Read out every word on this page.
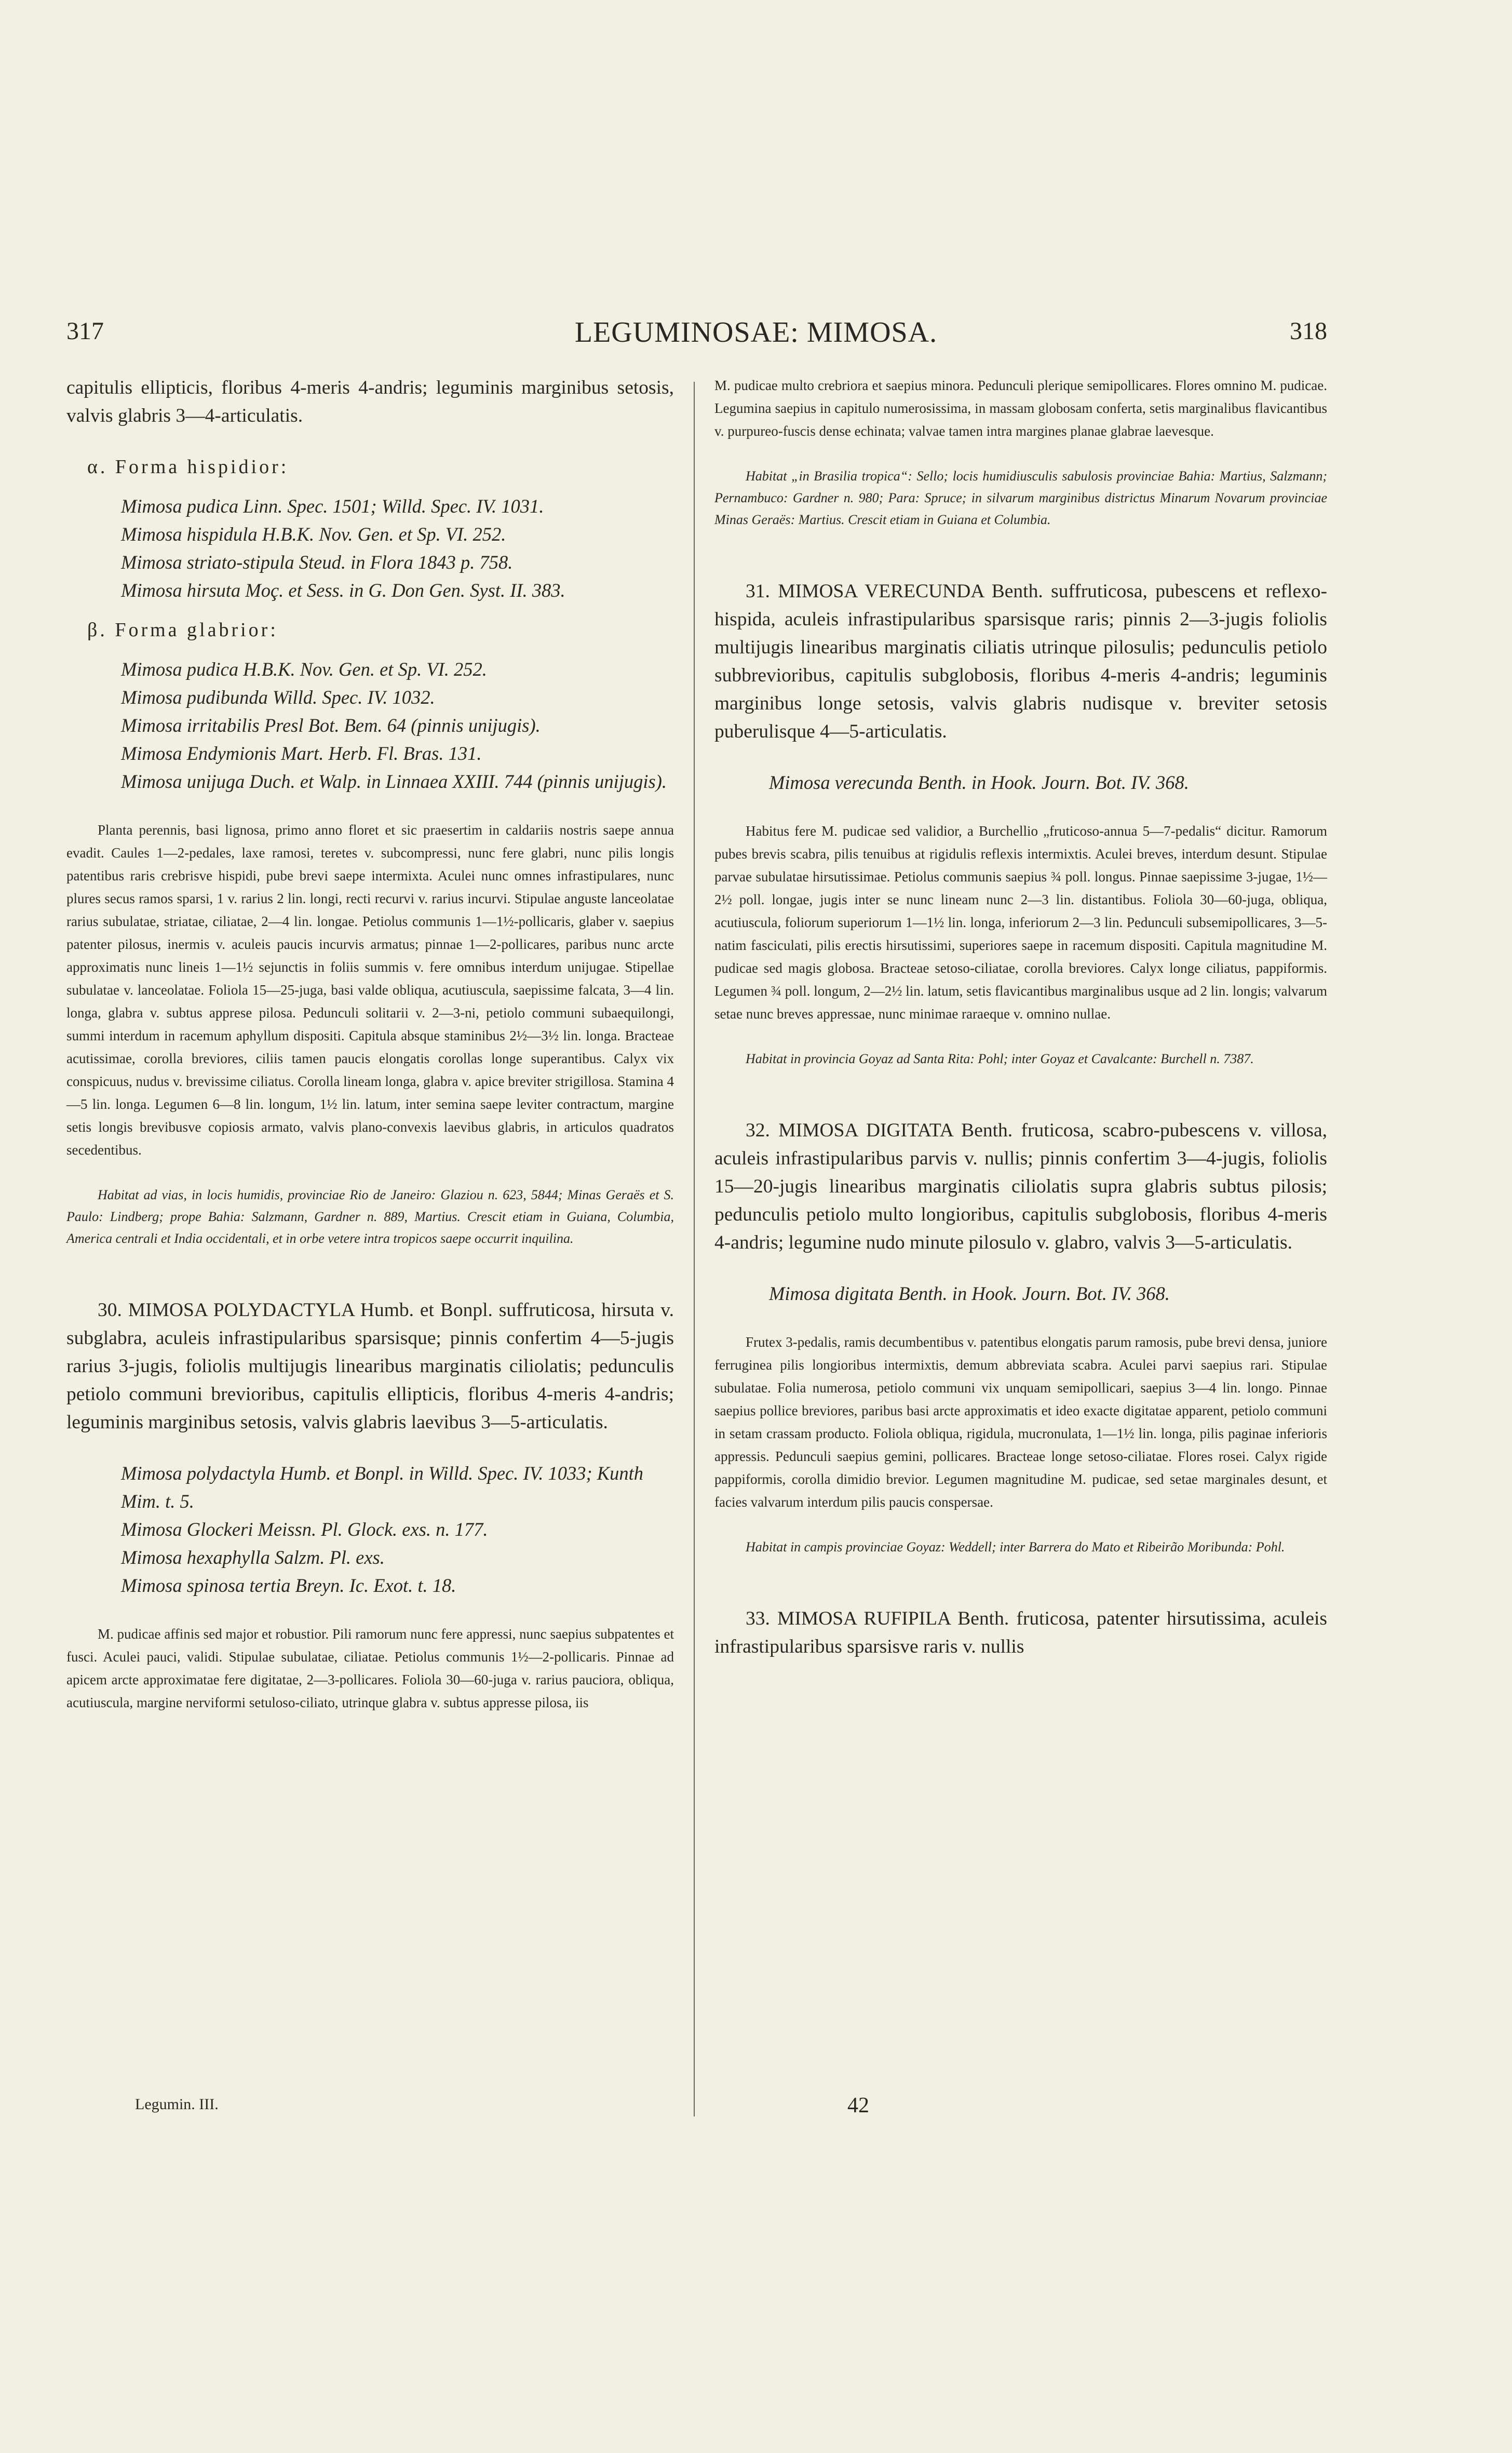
317	LEGUMINOSAE: MIMOSA.	318

capitulis ellipticis, floribus 4-meris 4-andris; leguminis marginibus setosis, valvis glabris 3—4-articulatis.

α. Forma hispidior:

Mimosa pudica Linn. Spec. 1501; Willd. Spec. IV. 1031.

Mimosa hispidula H.B.K. Nov. Gen. et Sp. VI. 252.

Mimosa striato-stipula Steud. in Flora 1843 p. 758.

Mimosa hirsuta Moç. et Sess. in G. Don Gen. Syst. II. 383.

β. Forma glabrior:

Mimosa pudica H.B.K. Nov. Gen. et Sp. VI. 252.

Mimosa pudibunda Willd. Spec. IV. 1032.

Mimosa irritabilis Presl Bot. Bem. 64 (pinnis unijugis).

Mimosa Endymionis Mart. Herb. Fl. Bras. 131.

Mimosa unijuga Duch. et Walp. in Linnaea XXIII. 744 (pinnis unijugis).

Planta perennis, basi lignosa, primo anno floret et sic praesertim in caldariis nostris saepe annua evadit. Caules 1—2-pedales, laxe ramosi, teretes v. subcompressi, nunc fere glabri, nunc pilis longis patentibus raris crebrisve hispidi, pube brevi saepe intermixta. Aculei nunc omnes infrastipulares, nunc plures secus ramos sparsi, 1 v. rarius 2 lin. longi, recti recurvi v. rarius incurvi. Stipulae anguste lanceolatae rarius subulatae, striatae, ciliatae, 2—4 lin. longae. Petiolus communis 1—1½-pollicaris, glaber v. saepius patenter pilosus, inermis v. aculeis paucis incurvis armatus; pinnae 1—2-pollicares, paribus nunc arcte approximatis nunc lineis 1—1½ sejunctis in foliis summis v. fere omnibus interdum unijugae. Stipellae subulatae v. lanceolatae. Foliola 15—25-juga, basi valde obliqua, acutiuscula, saepissime falcata, 3—4 lin. longa, glabra v. subtus apprese pilosa. Pedunculi solitarii v. 2—3-ni, petiolo communi subaequilongi, summi interdum in racemum aphyllum dispositi. Capitula absque staminibus 2½—3½ lin. longa. Bracteae acutissimae, corolla breviores, ciliis tamen paucis elongatis corollas longe superantibus. Calyx vix conspicuus, nudus v. brevissime ciliatus. Corolla lineam longa, glabra v. apice breviter strigillosa. Stamina 4—5 lin. longa. Legumen 6—8 lin. longum, 1½ lin. latum, inter semina saepe leviter contractum, margine setis longis brevibusve copiosis armato, valvis plano-convexis laevibus glabris, in articulos quadratos secedentibus.

Habitat ad vias, in locis humidis, provinciae Rio de Janeiro: Glaziou n. 623, 5844; Minas Geraës et S. Paulo: Lindberg; prope Bahia: Salzmann, Gardner n. 889, Martius. Crescit etiam in Guiana, Columbia, America centrali et India occidentali, et in orbe vetere intra tropicos saepe occurrit inquilina.

30. MIMOSA POLYDACTYLA Humb. et Bonpl. suffruticosa, hirsuta v. subglabra, aculeis infrastipularibus sparsisque; pinnis confertim 4—5-jugis rarius 3-jugis, foliolis multijugis linearibus marginatis ciliolatis; pedunculis petiolo communi brevioribus, capitulis ellipticis, floribus 4-meris 4-andris; leguminis marginibus setosis, valvis glabris laevibus 3—5-articulatis.

Mimosa polydactyla Humb. et Bonpl. in Willd. Spec. IV. 1033; Kunth Mim. t. 5.

Mimosa Glockeri Meissn. Pl. Glock. exs. n. 177.

Mimosa hexaphylla Salzm. Pl. exs.

Mimosa spinosa tertia Breyn. Ic. Exot. t. 18.

M. pudicae affinis sed major et robustior. Pili ramorum nunc fere appressi, nunc saepius subpatentes et fusci. Aculei pauci, validi. Stipulae subulatae, ciliatae. Petiolus communis 1½—2-pollicaris. Pinnae ad apicem arcte approximatae fere digitatae, 2—3-pollicares. Foliola 30—60-juga v. rarius pauciora, obliqua, acutiuscula, margine nerviformi setuloso-ciliato, utrinque glabra v. subtus appresse pilosa, iis

M. pudicae multo crebriora et saepius minora. Pedunculi plerique semipollicares. Flores omnino M. pudicae. Legumina saepius in capitulo numerosissima, in massam globosam conferta, setis marginalibus flavicantibus v. purpureo-fuscis dense echinata; valvae tamen intra margines planae glabrae laevesque.

Habitat „in Brasilia tropica“: Sello; locis humidiusculis sabulosis provinciae Bahia: Martius, Salzmann; Pernambuco: Gardner n. 980; Para: Spruce; in silvarum marginibus districtus Minarum Novarum provinciae Minas Geraës: Martius. Crescit etiam in Guiana et Columbia.

31. MIMOSA VERECUNDA Benth. suffruticosa, pubescens et reflexo-hispida, aculeis infrastipularibus sparsisque raris; pinnis 2—3-jugis foliolis multijugis linearibus marginatis ciliatis utrinque pilosulis; pedunculis petiolo subbrevioribus, capitulis subglobosis, floribus 4-meris 4-andris; leguminis marginibus longe setosis, valvis glabris nudisque v. breviter setosis puberulisque 4—5-articulatis.

Mimosa verecunda Benth. in Hook. Journ. Bot. IV. 368.

Habitus fere M. pudicae sed validior, a Burchellio „fruticoso-annua 5—7-pedalis“ dicitur. Ramorum pubes brevis scabra, pilis tenuibus at rigidulis reflexis intermixtis. Aculei breves, interdum desunt. Stipulae parvae subulatae hirsutissimae. Petiolus communis saepius ¾ poll. longus. Pinnae saepissime 3-jugae, 1½—2½ poll. longae, jugis inter se nunc lineam nunc 2—3 lin. distantibus. Foliola 30—60-juga, obliqua, acutiuscula, foliorum superiorum 1—1½ lin. longa, inferiorum 2—3 lin. Pedunculi subsemipollicares, 3—5-natim fasciculati, pilis erectis hirsutissimi, superiores saepe in racemum dispositi. Capitula magnitudine M. pudicae sed magis globosa. Bracteae setoso-ciliatae, corolla breviores. Calyx longe ciliatus, pappiformis. Legumen ¾ poll. longum, 2—2½ lin. latum, setis flavicantibus marginalibus usque ad 2 lin. longis; valvarum setae nunc breves appressae, nunc minimae raraeque v. omnino nullae.

Habitat in provincia Goyaz ad Santa Rita: Pohl; inter Goyaz et Cavalcante: Burchell n. 7387.

32. MIMOSA DIGITATA Benth. fruticosa, scabro-pubescens v. villosa, aculeis infrastipularibus parvis v. nullis; pinnis confertim 3—4-jugis, foliolis 15—20-jugis linearibus marginatis ciliolatis supra glabris subtus pilosis; pedunculis petiolo multo longioribus, capitulis subglobosis, floribus 4-meris 4-andris; legumine nudo minute pilosulo v. glabro, valvis 3—5-articulatis.

Mimosa digitata Benth. in Hook. Journ. Bot. IV. 368.

Frutex 3-pedalis, ramis decumbentibus v. patentibus elongatis parum ramosis, pube brevi densa, juniore ferruginea pilis longioribus intermixtis, demum abbreviata scabra. Aculei parvi saepius rari. Stipulae subulatae. Folia numerosa, petiolo communi vix unquam semipollicari, saepius 3—4 lin. longo. Pinnae saepius pollice breviores, paribus basi arcte approximatis et ideo exacte digitatae apparent, petiolo communi in setam crassam producto. Foliola obliqua, rigidula, mucronulata, 1—1½ lin. longa, pilis paginae inferioris appressis. Pedunculi saepius gemini, pollicares. Bracteae longe setoso-ciliatae. Flores rosei. Calyx rigide pappiformis, corolla dimidio brevior. Legumen magnitudine M. pudicae, sed setae marginales desunt, et facies valvarum interdum pilis paucis conspersae.

Habitat in campis provinciae Goyaz: Weddell; inter Barrera do Mato et Ribeirão Moribunda: Pohl.

33. MIMOSA RUFIPILA Benth. fruticosa, patenter hirsutissima, aculeis infrastipularibus sparsisve raris v. nullis

Legumin. III.	42
